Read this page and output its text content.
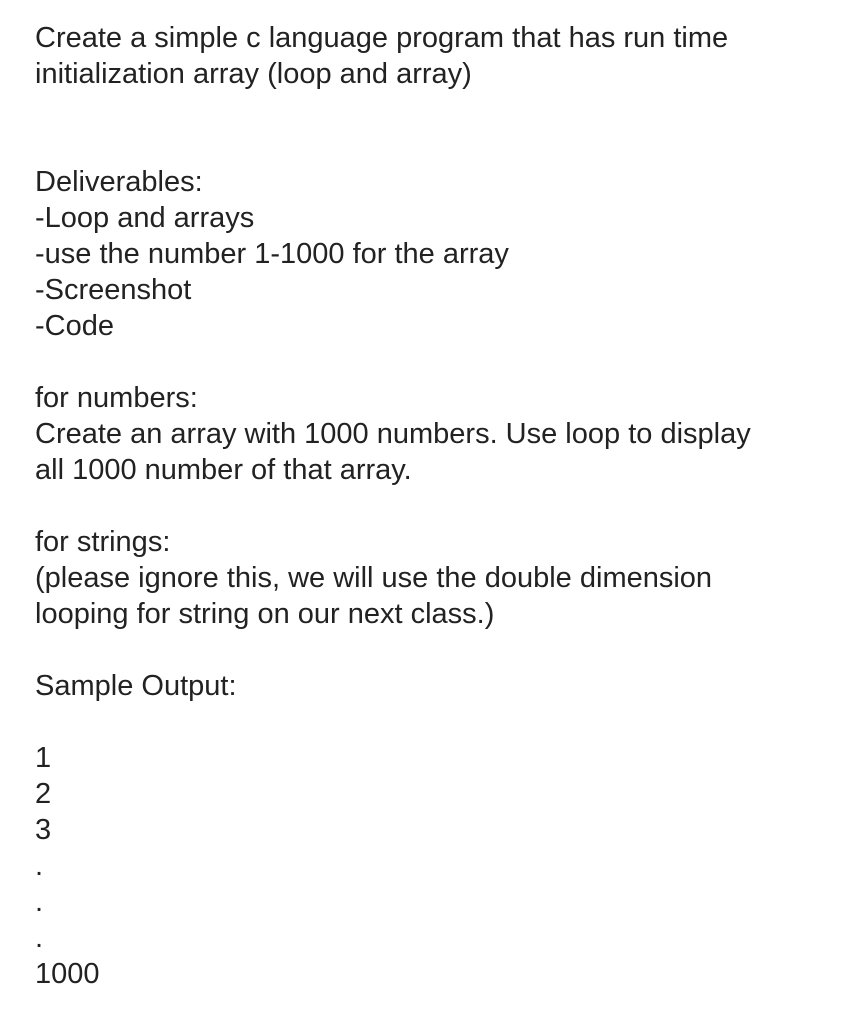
Create a simple c language program that has run time
initialization array (loop and array)
Deliverables:
-Loop and arrays
-use the number 1-1000 for the array
-Screenshot
-Code
for numbers:
Create an array with 1000 numbers. Use loop to display
all 1000 number of that array.
for strings:
(please ignore this, we will use the double dimension
looping for string on our next class.)
Sample Output:
1
2
3
.
.
.
1000
